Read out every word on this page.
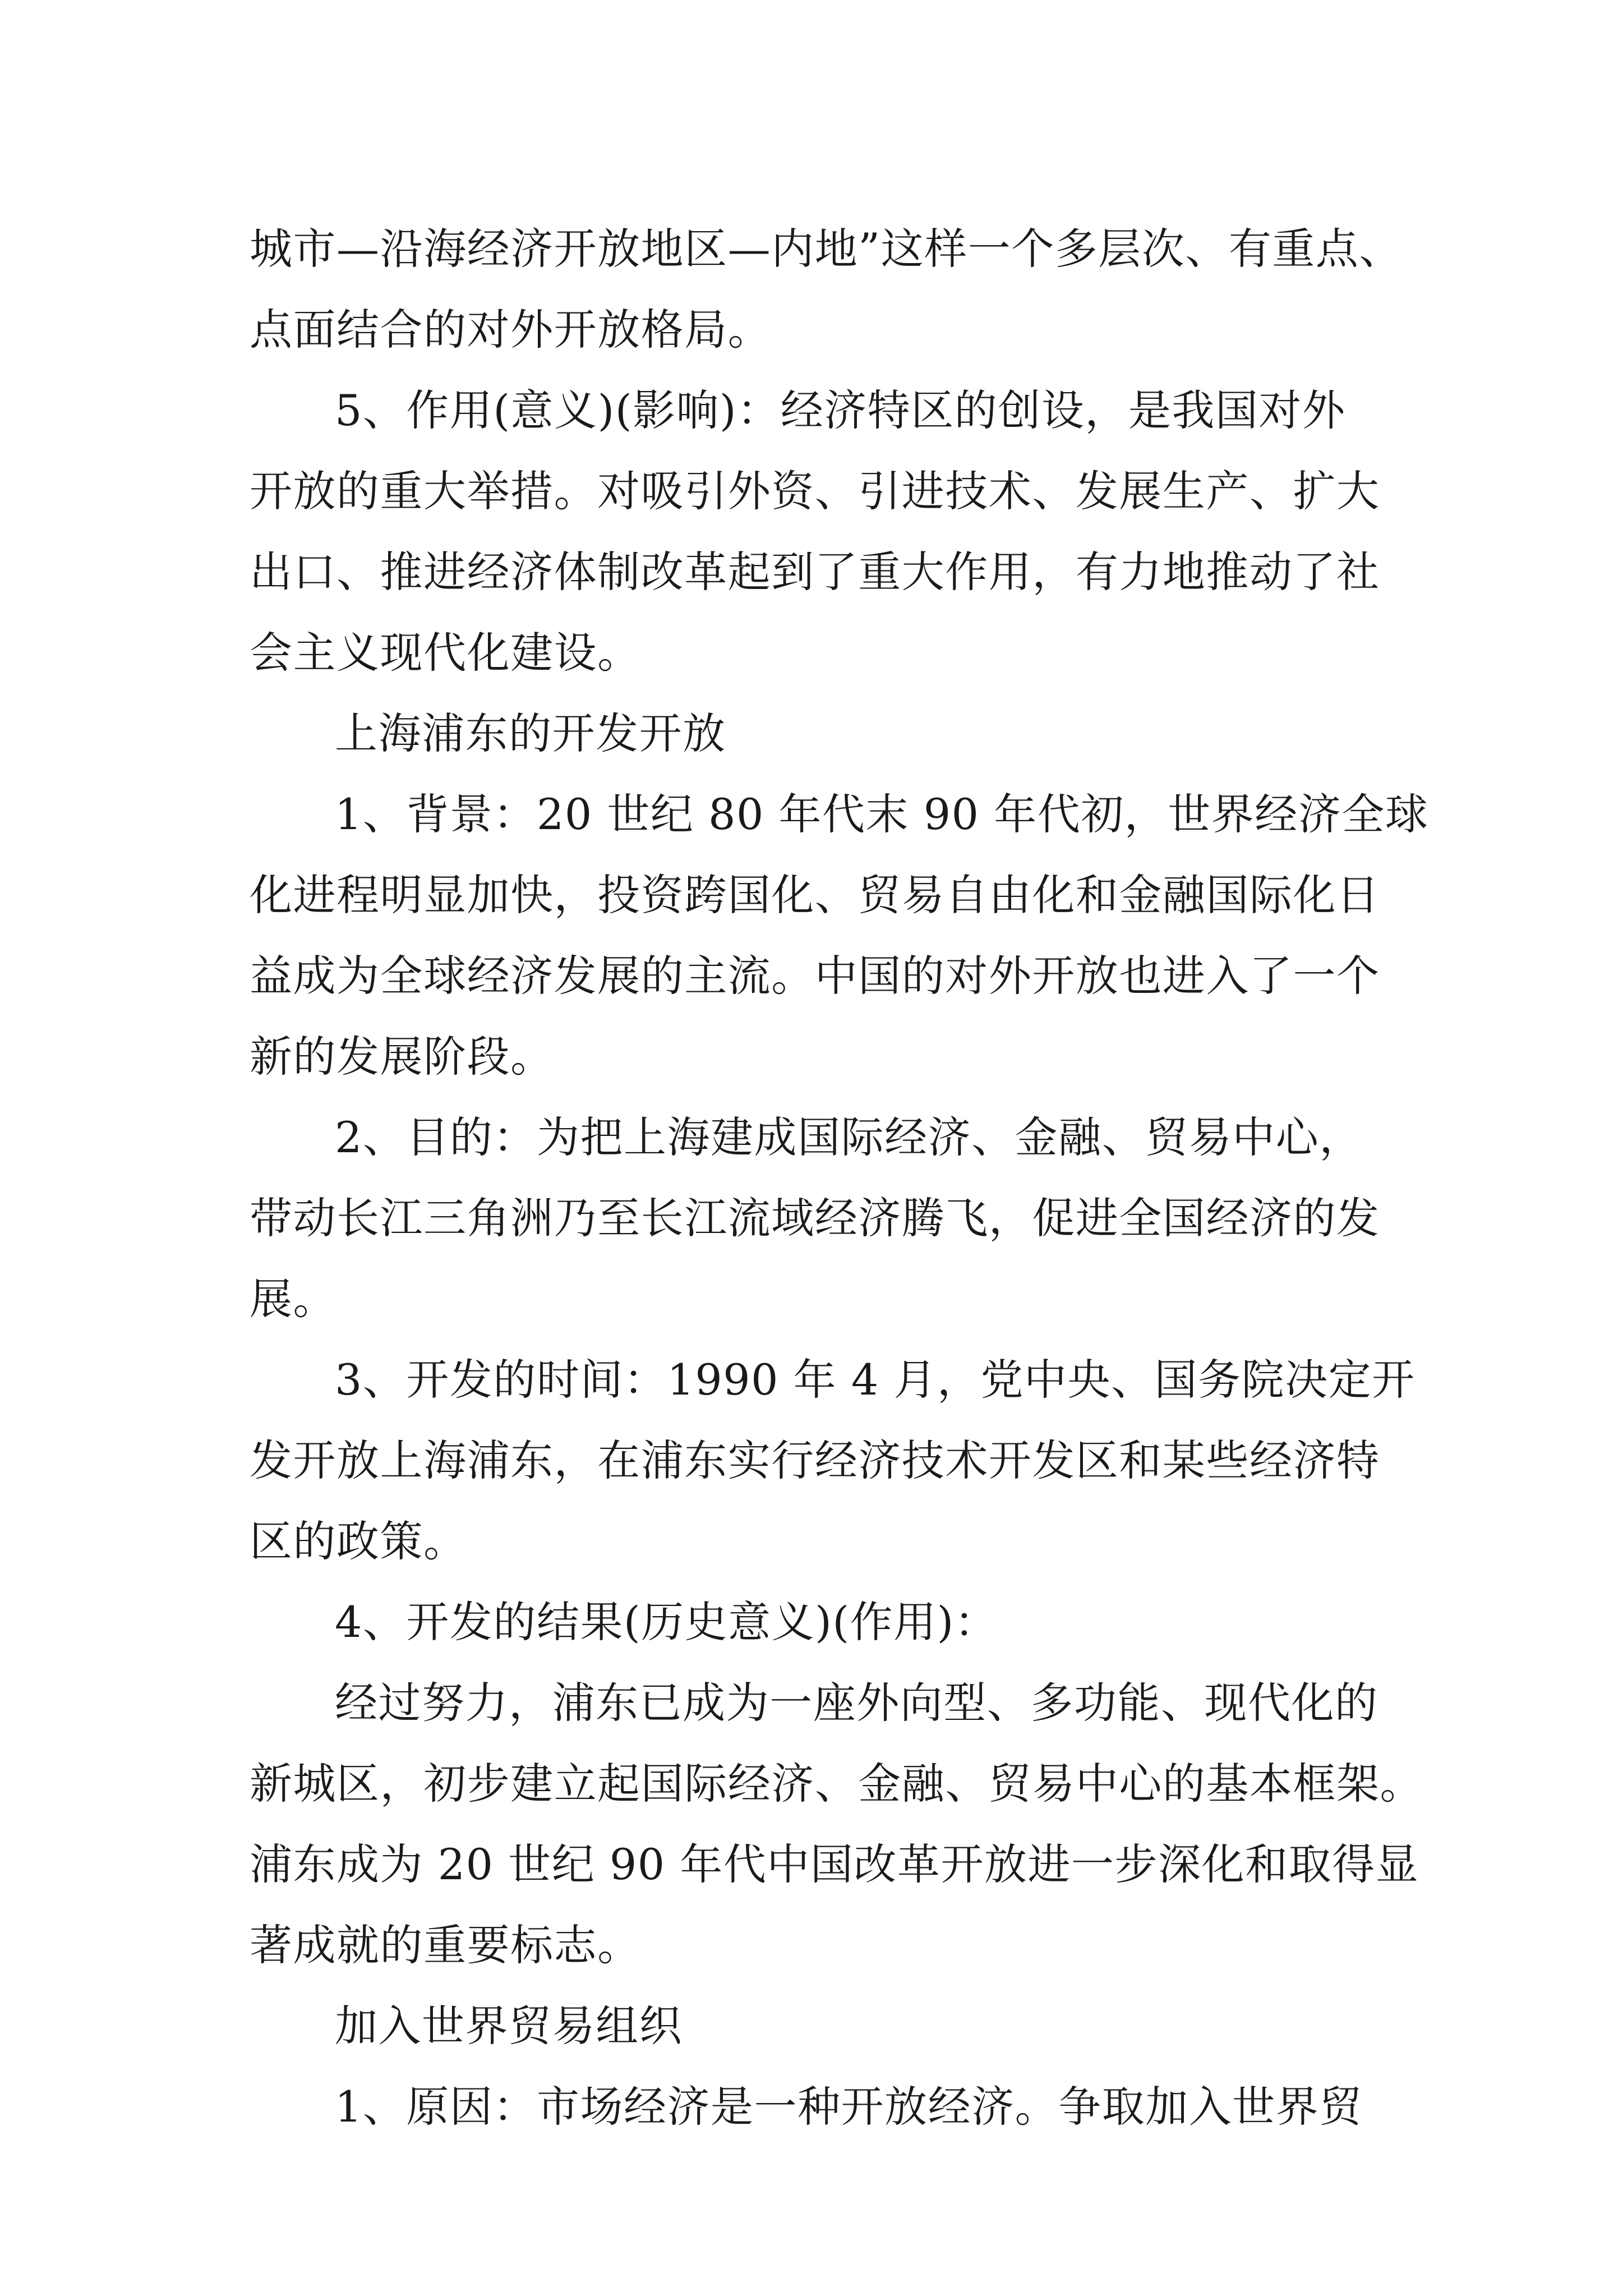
城市—沿海经济开放地区—内地”这样一个多层次、有重点、
点面结合的对外开放格局。
5、作用(意义)(影响)：经济特区的创设，是我国对外
开放的重大举措。对吸引外资、引进技术、发展生产、扩大
出口、推进经济体制改革起到了重大作用，有力地推动了社
会主义现代化建设。
上海浦东的开发开放
1、背景：20 世纪 80 年代末 90 年代初，世界经济全球
化进程明显加快，投资跨国化、贸易自由化和金融国际化日
益成为全球经济发展的主流。中国的对外开放也进入了一个
新的发展阶段。
2、目的：为把上海建成国际经济、金融、贸易中心，
带动长江三角洲乃至长江流域经济腾飞，促进全国经济的发
展。
3、开发的时间：1990 年 4 月，党中央、国务院决定开
发开放上海浦东，在浦东实行经济技术开发区和某些经济特
区的政策。
4、开发的结果(历史意义)(作用)：
经过努力，浦东已成为一座外向型、多功能、现代化的
新城区，初步建立起国际经济、金融、贸易中心的基本框架。
浦东成为 20 世纪 90 年代中国改革开放进一步深化和取得显
著成就的重要标志。
加入世界贸易组织
1、原因：市场经济是一种开放经济。争取加入世界贸
